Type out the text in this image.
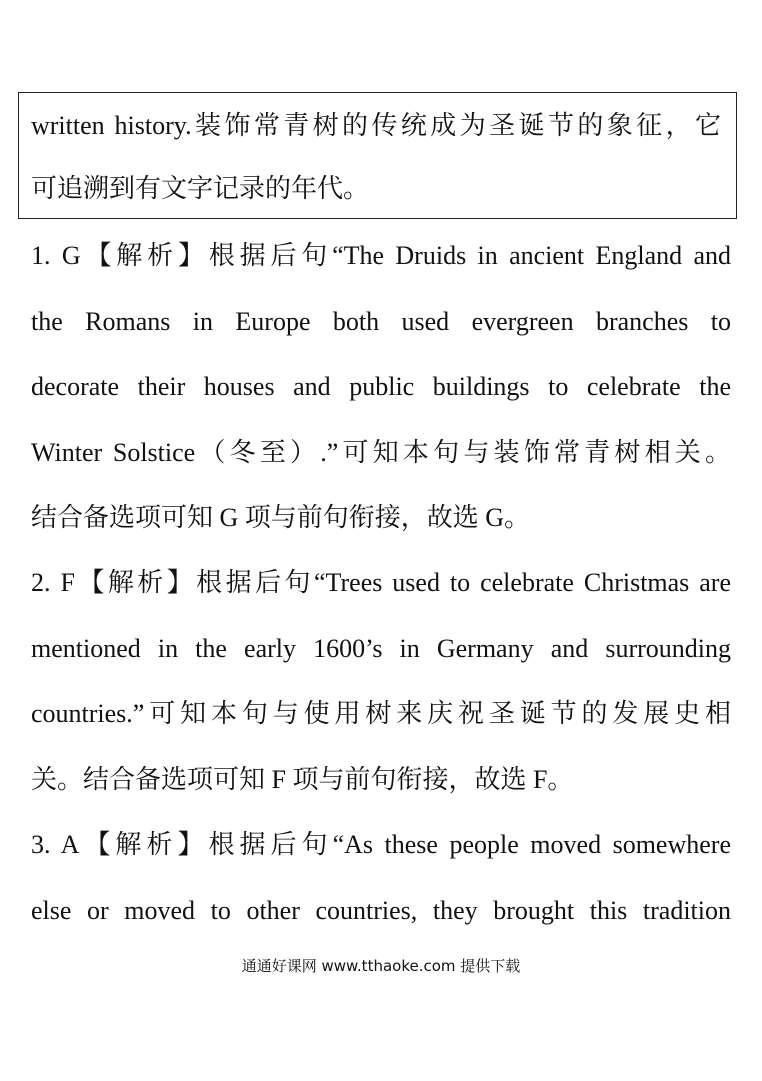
written history.装饰常青树的传统成为圣诞节的象征，它
可追溯到有文字记录的年代。
1. G【解析】根据后句“The Druids in ancient England and
the Romans in Europe both used evergreen branches to
decorate their houses and public buildings to celebrate the
Winter Solstice（冬至）.”可知本句与装饰常青树相关。
结合备选项可知 G 项与前句衔接，故选 G。
2. F【解析】根据后句“Trees used to celebrate Christmas are
mentioned in the early 1600’s in Germany and surrounding
countries.”可知本句与使用树来庆祝圣诞节的发展史相
关。结合备选项可知 F 项与前句衔接，故选 F。
3. A【解析】根据后句“As these people moved somewhere
else or moved to other countries, they brought this tradition
通通好课网 www.tthaoke.com 提供下载
